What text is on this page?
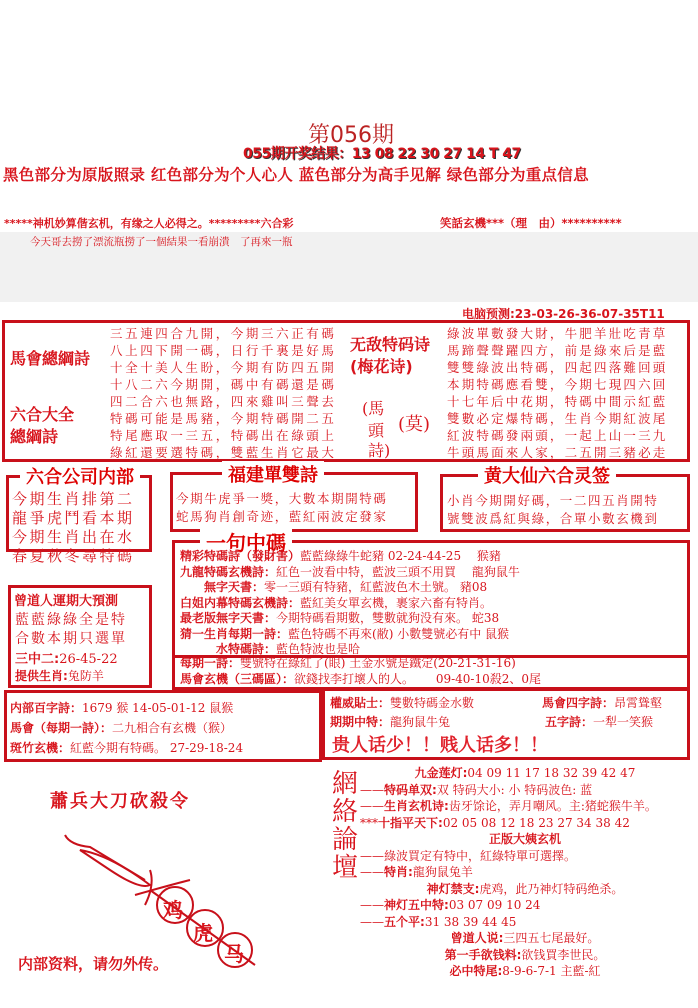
第056期
055期开奖结果：13 08 22 30 27 14 T 47
黑色部分为原版照录 红色部分为个人心人 蓝色部分为高手见解 绿色部分为重点信息
*****神机妙算偕玄机，有缘之人必得之。*********六合彩	笑話玄機***（理　由）**********
今天哥去撈了漂流瓶撈了一個結果一看崩潰　了再來一瓶
电脑预测:23-03-26-36-07-35T11
馬會總綱詩
六合大全
總綱詩
三五連四合九開，今期三六正有碼
八上四下開一碼，日行千裏是好馬
十全十美人生盼，今期有防四五開
十八二六今期開，碼中有碼還是碼
四二合六也無路，四來雞叫三聲去
特碼可能是馬豬，今期特碼開二五
特尾應取一三五，特碼出在綠頭上
綠紅還要選特碼，雙藍生肖它最大
无敌特码诗
(梅花诗)
(馬
頭
詩)
(莫)
綠波單數發大財，牛肥羊壯吃青草
馬蹄聲聲躍四方，前是綠來后是藍
雙雙綠波出特碼，四起四落難回頭
本期特碼應看雙，今期七現四六回
十七年后中花期，特碼中間示紅藍
雙數必定爆特碼，生肖今期紅波尾
紅波特碼發兩頭，一起上山一三九
牛頭馬面來人家，二五開三豬必走
六合公司内部
今期生肖排第二
龍爭虎鬥看本期
今期生肖出在水
春夏秋冬尋特碼
福建單雙詩
今期牛虎爭一獎，大數本期開特碼
蛇馬狗肖創奇迹，藍紅兩波定發家
黄大仙六合灵签
小肖今期開好碼，一二四五肖開特
號雙波爲紅與綠，合單小數玄機到
一句中碼
精彩特碼詩（發財害）藍藍綠綠牛蛇豬 02-24-44-25　 猴豬
九龍特碼玄機詩：紅色一波看中特，藍波三頭不用買　 龍狗鼠牛
　　無字天書：零一三頭有特豬，紅藍波色木土號。 豬08
白姐内幕特碼玄機詩：藍紅美女單玄機，裹家六畜有特肖。
最老版無字天書：今期特碼看期數，雙數就狗没有來。 蛇38
猜一生肖每期一詩：藍色特碼不再來(敝) 小數雙號必有中 鼠猴
　　　水特碼詩：藍色特波也是哈
每期一詩：雙號特在綠紅了(眼) 土金水號是鐵定(20-21-31-16)
馬會玄機（三碼區）：欲錢找李打壞人的人。　　 09-40-10殺2、0尾
曾道人運期大預測
藍藍綠綠全是特
合數本期只選單
三中二:26-45-22
提供生肖:兔防羊
内部百字詩：1679 猴 14-05-01-12 鼠猴
馬會（每期一詩）：二九相合有玄機（猴）
斑竹玄機：紅藍今期有特碼。 27-29-18-24
權威貼士：雙數特碼金水數	馬會四字詩：昂霄聳壑
期期中特：龍狗鼠牛兔	五字詩：一犁一笑猴
贵人话少！！贱人话多！！
蕭兵大刀砍殺令
鸡
虎
马
内部资料，请勿外传。
網
絡
論
壇
九金莲灯:04 09 11 17 18 32 39 42 47
——特码单双:双 特码大小: 小 特码波色: 蓝
——生肖玄机诗:齿牙馀论，弄月嘲风。主:猪蛇猴牛羊。
***十指平天下:02 05 08 12 18 23 27 34 38 42
正版大姨玄机
——綠波買定有特中，紅綠特單可選擇。
——特肖:龍狗鼠兔羊
神灯禁支:虎鸡，此乃神灯特码绝杀。
——神灯五中特:03 07 09 10 24
——五个平:31 38 39 44 45
曾道人说:三四五七尾最好。
第一手欲钱料:欲钱買李世民。
必中特尾:8-9-6-7-1 主藍-紅
